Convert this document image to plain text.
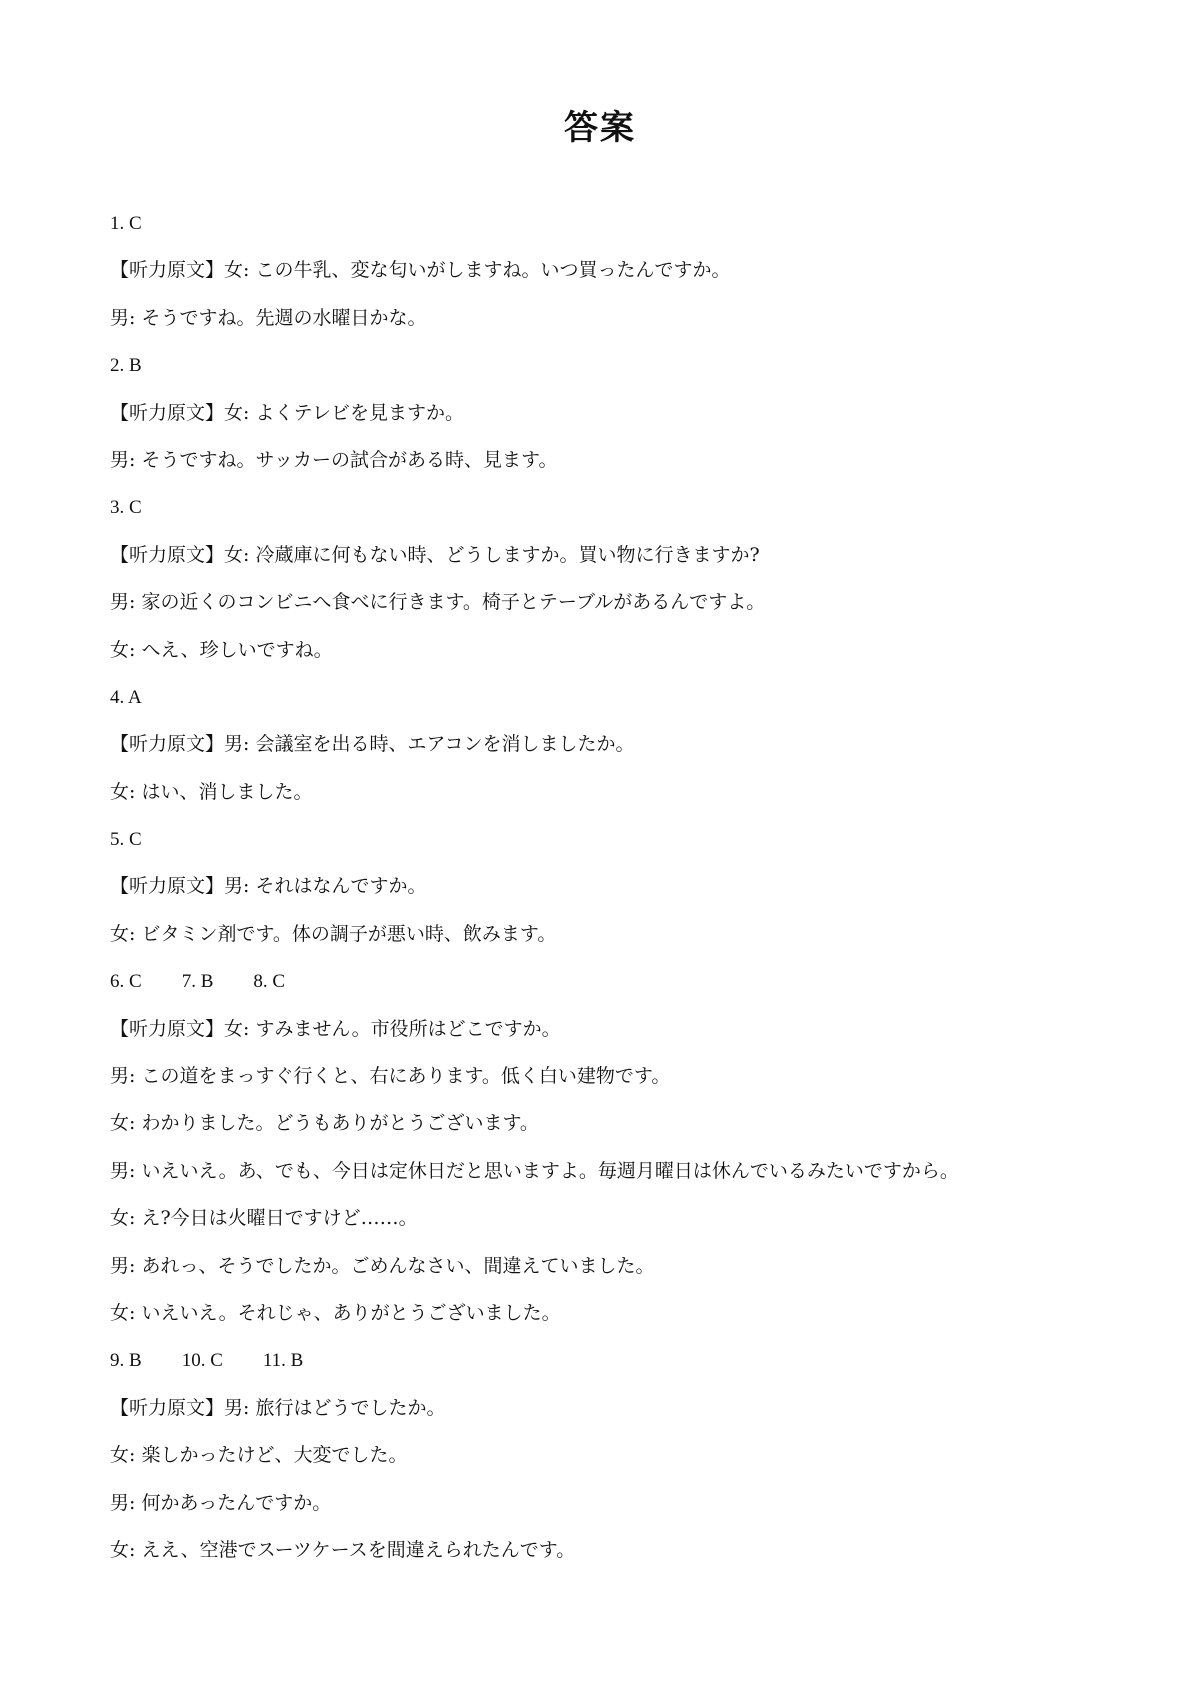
答案
1. C
【听力原文】女: この牛乳、変な匂いがしますね。いつ買ったんですか。
男: そうですね。先週の水曜日かな。
2. B
【听力原文】女: よくテレビを見ますか。
男: そうですね。サッカーの試合がある時、見ます。
3. C
【听力原文】女: 冷蔵庫に何もない時、どうしますか。買い物に行きますか?
男: 家の近くのコンビニへ食べに行きます。椅子とテーブルがあるんですよ。
女: へえ、珍しいですね。
4. A
【听力原文】男: 会議室を出る時、エアコンを消しましたか。
女: はい、消しました。
5. C
【听力原文】男: それはなんですか。
女: ビタミン剤です。体の調子が悪い時、飲みます。
6. C 7. B 8. C
【听力原文】女: すみません。市役所はどこですか。
男: この道をまっすぐ行くと、右にあります。低く白い建物です。
女: わかりました。どうもありがとうございます。
男: いえいえ。あ、でも、今日は定休日だと思いますよ。毎週月曜日は休んでいるみたいですから。
女: え?今日は火曜日ですけど……。
男: あれっ、そうでしたか。ごめんなさい、間違えていました。
女: いえいえ。それじゃ、ありがとうございました。
9. B 10. C 11. B
【听力原文】男: 旅行はどうでしたか。
女: 楽しかったけど、大変でした。
男: 何かあったんですか。
女: ええ、空港でスーツケースを間違えられたんです。
